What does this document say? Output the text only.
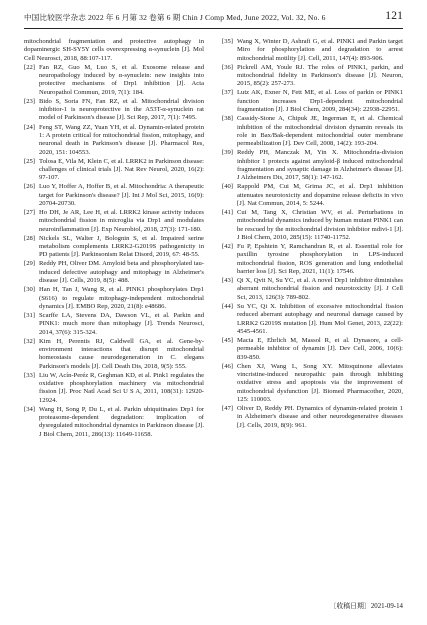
中国比较医学杂志 2022 年 6 月第 32 卷第 6 期 Chin J Comp Med, June 2022, Vol. 32, No. 6	121
mitochondrial fragmentation and protective autophagy in dopaminergic SH-SY5Y cells overexpressing α-synuclein [J]. Mol Cell Neurosci, 2018, 88:107-117.
[22] Fan RZ, Guo M, Luo S, et al. Exosome release and neuropathology induced by α-synuclein: new insights into protective mechanisms of Drp1 inhibition [J]. Acta Neuropathol Commun, 2019, 7(1): 184.
[23] Bido S, Soria FN, Fan RZ, et al. Mitochondrial division inhibitor-1 is neuroprotective in the A53T-α-synuclein rat model of Parkinson's disease [J]. Sci Rep, 2017, 7(1): 7495.
[24] Feng ST, Wang ZZ, Yuan YH, et al. Dynamin-related protein 1: A protein critical for mitochondrial fission, mitophagy, and neuronal death in Parkinson's disease [J]. Pharmacol Res, 2020, 151: 104553.
[25] Tolosa E, Vila M, Klein C, et al. LRRK2 in Parkinson disease: challenges of clinical trials [J]. Nat Rev Neurol, 2020, 16(2): 97-107.
[26] Luo Y, Hoffer A, Hoffer B, et al. Mitochondria: A therapeutic target for Parkinson's disease? [J]. Int J Mol Sci, 2015, 16(9): 20704-20730.
[27] Ho DH, Je AR, Lee H, et al. LRRK2 kinase activity induces mitochondrial fission in microglia via Drp1 and modulates neuroinflammation [J]. Exp Neurobiol, 2018, 27(3): 171-180.
[28] Nickels SL, Walter J, Bolognin S, et al. Impaired serine metabolism complements LRRK2-G2019S pathogenicity in PD patients [J]. Parkinsonism Relat Disord, 2019, 67: 48-55.
[29] Reddy PH, Oliver DM. Amyloid beta and phosphorylated tau-induced defective autophagy and mitophagy in Alzheimer's disease [J]. Cells, 2019, 8(5): 488.
[30] Han H, Tan J, Wang R, et al. PINK1 phosphorylates Drp1 (S616) to regulate mitophagy-independent mitochondrial dynamics [J]. EMBO Rep, 2020, 21(8): e48686.
[31] Scarffe LA, Stevens DA, Dawson VL, et al. Parkin and PINK1: much more than mitophagy [J]. Trends Neurosci, 2014, 37(6): 315-324.
[32] Kim H, Perentis RJ, Caldwell GA, et al. Gene-by-environment interactions that disrupt mitochondrial homeostasis cause neurodegeneration in C. elegans Parkinson's models [J]. Cell Death Dis, 2018, 9(5): 555.
[33] Liu W, Acín-Peréz R, Geghman KD, et al. Pink1 regulates the oxidative phosphorylation machinery via mitochondrial fission [J]. Proc Natl Acad Sci U S A, 2011, 108(31): 12920-12924.
[34] Wang H, Song P, Du L, et al. Parkin ubiquitinates Drp1 for proteasome-dependent degradation: implication of dysregulated mitochondrial dynamics in Parkinson disease [J]. J Biol Chem, 2011, 286(13): 11649-11658.
[35] Wang X, Winter D, Ashrafi G, et al. PINK1 and Parkin target Miro for phosphorylation and degradation to arrest mitochondrial motility [J]. Cell, 2011, 147(4): 893-906.
[36] Pickrell AM, Youle RJ. The roles of PINK1, parkin, and mitochondrial fidelity in Parkinson's disease [J]. Neuron, 2015, 85(2): 257-273.
[37] Lutz AK, Exner N, Fett ME, et al. Loss of parkin or PINK1 function increases Drp1-dependent mitochondrial fragmentation [J]. J Biol Chem, 2009, 284(34): 22938-22951.
[38] Cassidy-Stone A, Chipuk JE, Ingerman E, et al. Chemical inhibition of the mitochondrial division dynamin reveals its role in Bax/Bak-dependent mitochondrial outer membrane permeabilization [J]. Dev Cell, 2008, 14(2): 193-204.
[39] Reddy PH, Manczak M, Yin X. Mitochondria-division inhibitor 1 protects against amyloid-β induced mitochondrial fragmentation and synaptic damage in Alzheimer's disease [J]. J Alzheimers Dis, 2017, 58(1): 147-162.
[40] Rappold PM, Cui M, Grima JC, et al. Drp1 inhibition attenuates neurotoxicity and dopamine release deficits in vivo [J]. Nat Commun, 2014, 5: 5244.
[41] Cui M, Tang X, Christian WV, et al. Perturbations in mitochondrial dynamics induced by human mutant PINK1 can be rescued by the mitochondrial division inhibitor mdivi-1 [J]. J Biol Chem, 2010, 285(15): 11740-11752.
[42] Fu P, Epshtein Y, Ramchandran R, et al. Essential role for paxillin tyrosine phosphorylation in LPS-induced mitochondrial fission, ROS generation and lung endothelial barrier loss [J]. Sci Rep, 2021, 11(1): 17546.
[43] Qi X, Qvit N, Su YC, et al. A novel Drp1 inhibitor diminishes aberrant mitochondrial fission and neurotoxicity [J]. J Cell Sci, 2013, 126(3): 789-802.
[44] Su YC, Qi X. Inhibition of excessive mitochondrial fission reduced aberrant autophagy and neuronal damage caused by LRRK2 G2019S mutation [J]. Hum Mol Genet, 2013, 22(22): 4545-4561.
[45] Macia E, Ehrlich M, Massol R, et al. Dynasore, a cell-permeable inhibitor of dynamin [J]. Dev Cell, 2006, 10(6): 839-850.
[46] Chen XJ, Wang L, Song XY. Mitoquinone alleviates vincristine-induced neuropathic pain through inhibiting oxidative stress and apoptosis via the improvement of mitochondrial dysfunction [J]. Biomed Pharmacother, 2020, 125: 110003.
[47] Oliver D, Reddy PH. Dynamics of dynamin-related protein 1 in Alzheimer's disease and other neurodegenerative diseases [J]. Cells, 2019, 8(9): 961.
〔收稿日期〕2021-09-14
